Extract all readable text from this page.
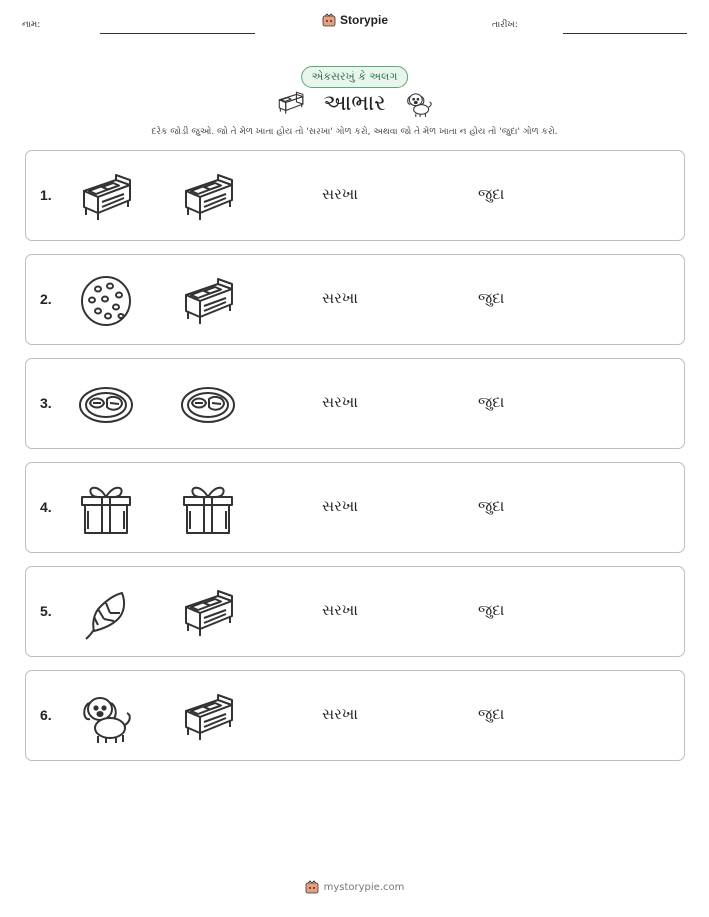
નામ:	Storypie	તારીખ:
એકસરખું કે અલગ
આભાર
દરેક જોડી જુઓ. જો તે મેળ ખાતા હોય તો 'સરખા' ગોળ કરો, અથવા જો તે મેળ ખાતા ન હોય તો 'જુદા' ગોળ કરો.
1.	સરખા	જુદા
2.	સરખા	જુદા
3.	સરખા	જુદા
4.	સરખા	જુદા
5.	સરખા	જુદા
6.	સરખા	જુદા
mystorypie.com
